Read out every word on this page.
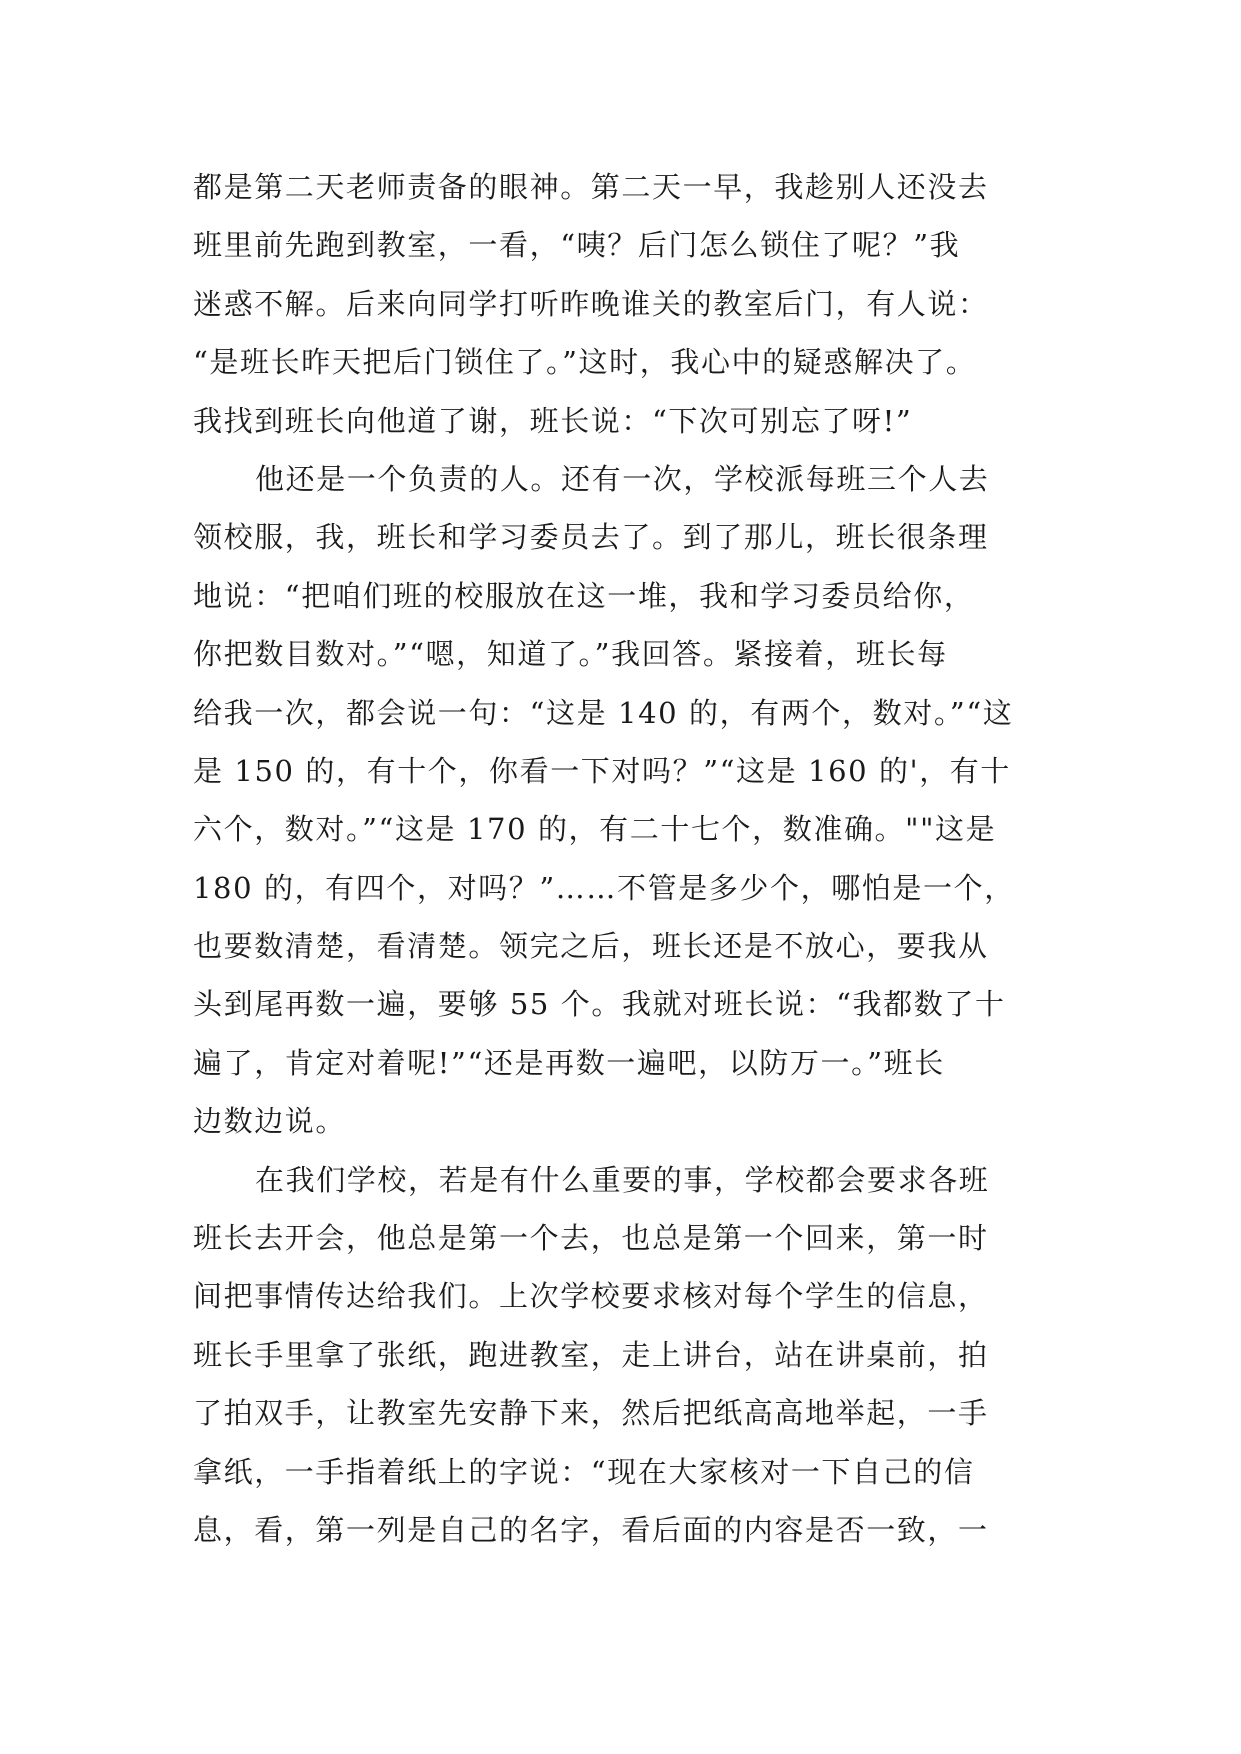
都是第二天老师责备的眼神。第二天一早，我趁别人还没去
班里前先跑到教室，一看，“咦？后门怎么锁住了呢？”我
迷惑不解。后来向同学打听昨晚谁关的教室后门，有人说：
“是班长昨天把后门锁住了。”这时，我心中的疑惑解决了。
我找到班长向他道了谢，班长说：“下次可别忘了呀!”
他还是一个负责的人。还有一次，学校派每班三个人去
领校服，我，班长和学习委员去了。到了那儿，班长很条理
地说：“把咱们班的校服放在这一堆，我和学习委员给你，
你把数目数对。”“嗯，知道了。”我回答。紧接着，班长每
给我一次，都会说一句：“这是 140 的，有两个，数对。”“这
是 150 的，有十个，你看一下对吗？”“这是 160 的'，有十
六个，数对。”“这是 170 的，有二十七个，数准确。""这是
180 的，有四个，对吗？”……不管是多少个，哪怕是一个，
也要数清楚，看清楚。领完之后，班长还是不放心，要我从
头到尾再数一遍，要够 55 个。我就对班长说：“我都数了十
遍了，肯定对着呢!”“还是再数一遍吧，以防万一。”班长
边数边说。
在我们学校，若是有什么重要的事，学校都会要求各班
班长去开会，他总是第一个去，也总是第一个回来，第一时
间把事情传达给我们。上次学校要求核对每个学生的信息，
班长手里拿了张纸，跑进教室，走上讲台，站在讲桌前，拍
了拍双手，让教室先安静下来，然后把纸高高地举起，一手
拿纸，一手指着纸上的字说：“现在大家核对一下自己的信
息，看，第一列是自己的名字，看后面的内容是否一致，一
